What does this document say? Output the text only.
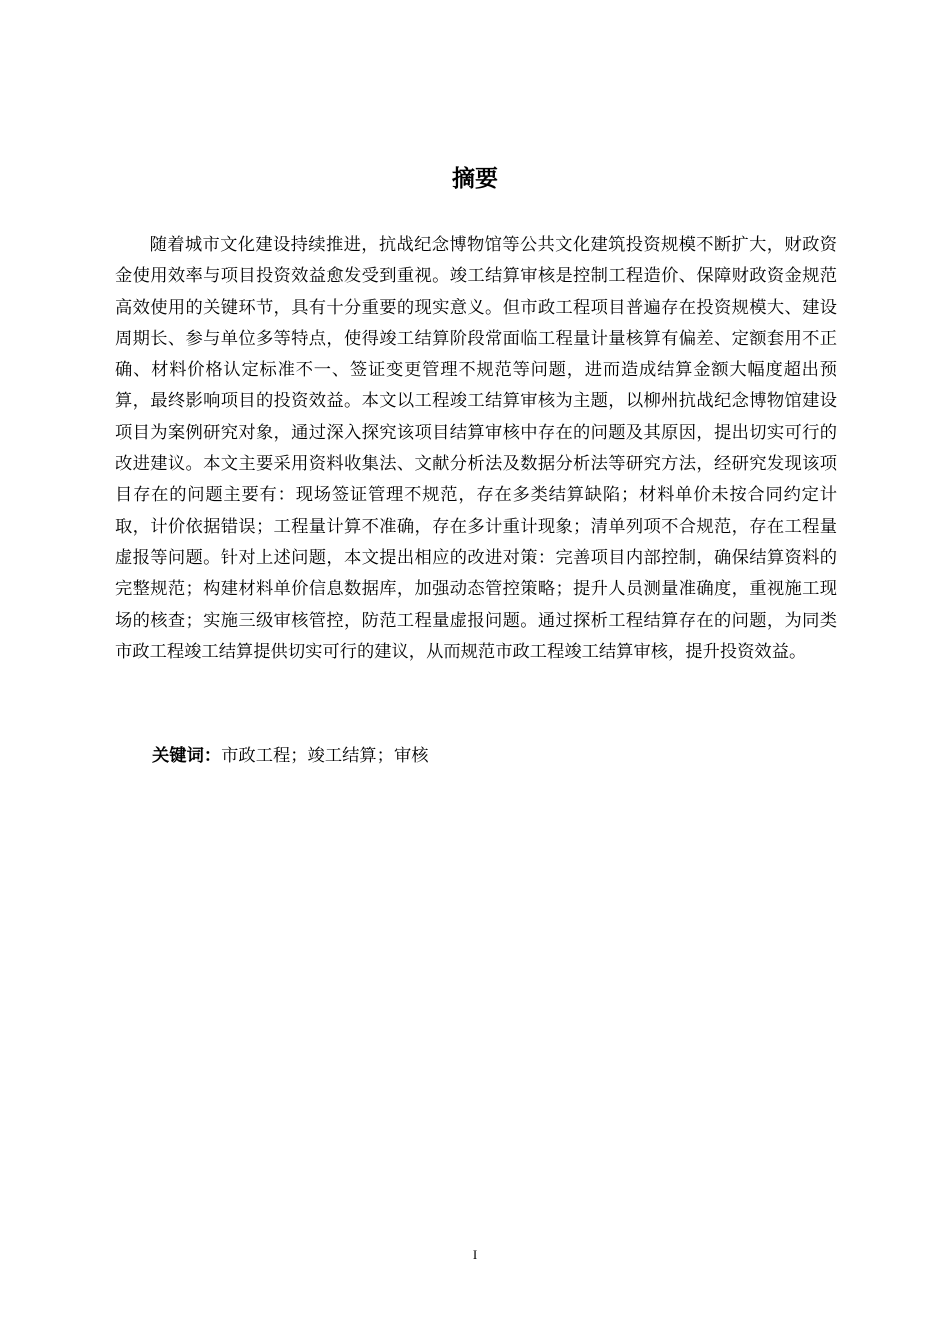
摘要

随着城市文化建设持续推进，抗战纪念博物馆等公共文化建筑投资规模不断扩大，财政资金使用效率与项目投资效益愈发受到重视。竣工结算审核是控制工程造价、保障财政资金规范高效使用的关键环节，具有十分重要的现实意义。但市政工程项目普遍存在投资规模大、建设周期长、参与单位多等特点，使得竣工结算阶段常面临工程量计量核算有偏差、定额套用不正确、材料价格认定标准不一、签证变更管理不规范等问题，进而造成结算金额大幅度超出预算，最终影响项目的投资效益。本文以工程竣工结算审核为主题，以柳州抗战纪念博物馆建设项目为案例研究对象，通过深入探究该项目结算审核中存在的问题及其原因，提出切实可行的改进建议。本文主要采用资料收集法、文献分析法及数据分析法等研究方法，经研究发现该项目存在的问题主要有：现场签证管理不规范，存在多类结算缺陷；材料单价未按合同约定计取，计价依据错误；工程量计算不准确，存在多计重计现象；清单列项不合规范，存在工程量虚报等问题。针对上述问题，本文提出相应的改进对策：完善项目内部控制，确保结算资料的完整规范；构建材料单价信息数据库，加强动态管控策略；提升人员测量准确度，重视施工现场的核查；实施三级审核管控，防范工程量虚报问题。通过探析工程结算存在的问题，为同类市政工程竣工结算提供切实可行的建议，从而规范市政工程竣工结算审核，提升投资效益。

关键词：市政工程；竣工结算；审核
I
